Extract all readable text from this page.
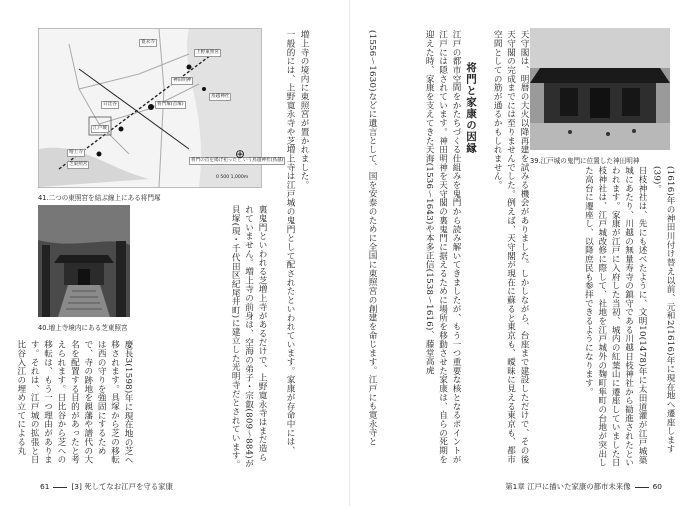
将門の首を掲げ祀ったと いう鳥越神社(鳥越)
将門塚(首塚)
神田明神
日比谷
江戸城
増上寺
芝東照宮
上野東照宮
寛永寺
鳥越神社
0 500 1,000m
⊕
41.二つの東照宮を結ぶ線上にある将門塚
40.増上寺境内にある芝東照宮
増上寺の境内に東照宮が置かれました。
一般的には、上野寛永寺や芝増上寺は江戸城の鬼門として配されたといわれています。家康が存命中には、
裏鬼門といわれる芝増上寺があるだけで、上野寛永寺はまだ造られていません。増上寺の前身は、空海の弟子・宗叡(809〜884)が貝塚(現・千代田区紀尾井町)に建立した光明寺だとされています。
慶長3(1598)年に現在地の芝へ移されます。具塚から芝の移転は西の守りを強固にするためで、寺の跡地を親藩や譜代の大名を配置する目的があったと考えられます。日比谷から芝への移転は、もう一つ理由があります。それは、江戸城の拡張と日比谷入江の埋め立てによる丸
61	[3] 死してなお江戸を守る家康
39.江戸城の鬼門に位置した神田明神
(1616)年の神田川付け替え以前、元和2(1616)年に現在地へ遷座します(39)。
日枝神社は、先にも述べたように、文明10(1478)年に太田道灌が江戸城築城にあたり、川越の無量寿寺の鎮守である川越日枝神社から勧進されたといわれます。家康が江戸に入府した当初、城内の紅葉山に遷座していました日枝神社は、江戸城改修に際して、社地を江戸城外の麹町隼町の台地が突出した高台に遷座し、以降庶民も参拝できるようになります。
天守閣は、明暦の大火以降再建を試みる機会がありました。しかしながら、台座まで建設しただけで、その後天守閣の完成までには至りませんでした。例えば、天守閣が現在に蘇ると東京も、曖昧に見える東京も、都市空間としての筋が通るかもしれません。
将門と家康の因縁
江戸の都市空間をかたちづくる仕組みを鬼門から読み解いてきましたが、もう一つ重要な核となるポイントが江戸には隠されています。神田明神を天守閣の裏鬼門に据えるために場所を移動させた家康は、自らの死期を迎えた時、家康を支えてきた天海(1536〜1643)や本多正信(1538〜1616)、藤堂高虎
(1556〜1630)などに遺言として、国を安泰のために全国に東照宮の創建を命じます。江戸にも寛永寺と
第1章 江戸に描いた家康の都市未来像	60
